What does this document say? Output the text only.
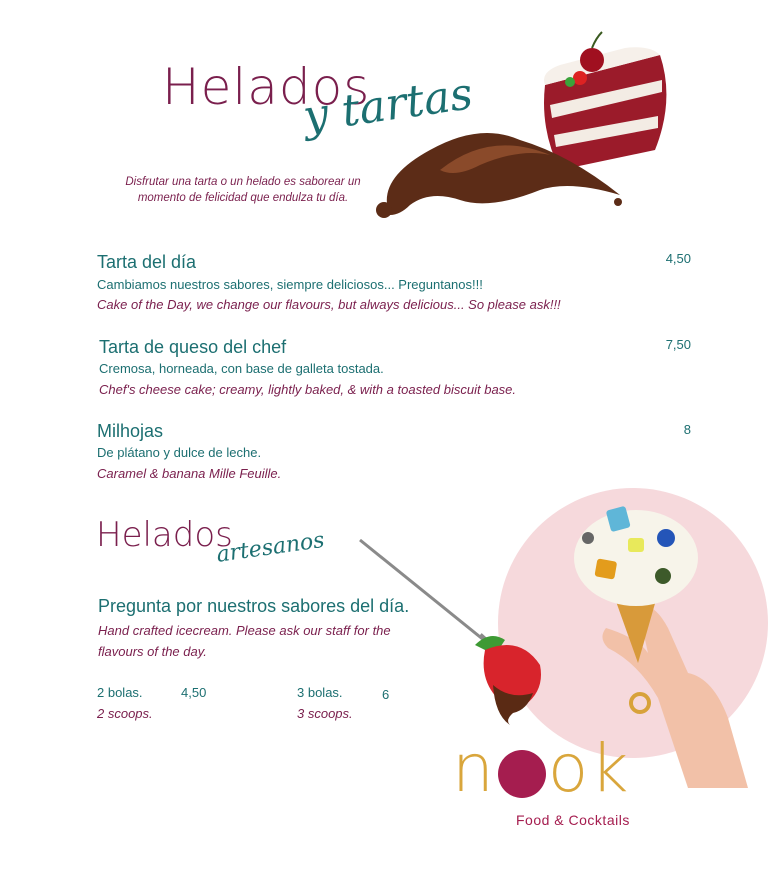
Helados
y tartas
Disfrutar una tarta o un helado es saborear un momento de felicidad que endulza tu día.
Tarta del día	4,50
Cambiamos nuestros sabores, siempre deliciosos... Preguntanos!!!
Cake of the Day, we change our flavours, but always delicious... So please ask!!!
Tarta de queso del chef	7,50
Cremosa, horneada, con base de galleta tostada.
Chef's cheese cake; creamy, lightly baked, & with a toasted biscuit base.
Milhojas	8
De plátano y dulce de leche.
Caramel & banana Mille Feuille.
Helados
artesanos
Pregunta por nuestros sabores del día.
Hand crafted icecream. Please ask our staff for the flavours of the day.
2 bolas.	4,50
2 scoops.
3 bolas.	6
3 scoops.
n ok
Food & Cocktails
